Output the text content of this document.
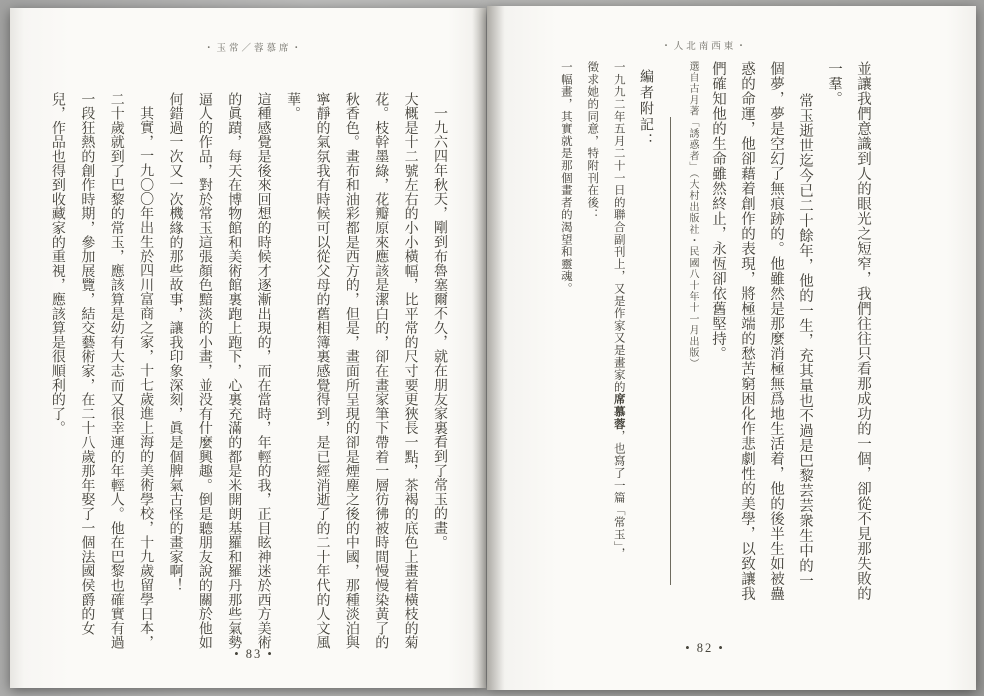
・玉常／蓉慕席・

一九六四年秋天，剛到布魯塞爾不久，就在朋友家裏看到了常玉的畫。

大概是十二號左右的小小橫幅，比平常的尺寸要更狹長一點，茶褐的底色上畫着橫枝的菊花。枝幹墨綠，花瓣原來應該是潔白的，卻在畫家筆下帶着一層彷彿被時間慢慢染黃了的秋香色。畫布和油彩都是西方的，但是，畫面所呈現的卻是煙塵之後的中國，那種淡泊與寧靜的氣氛我有時候可以從父母的舊相簿裏感覺得到，是已經消逝了的二十年代的人文風華。

這種感覺是後來回想的時候才逐漸出現的，而在當時，年輕的我，正目眩神迷於西方美術的眞蹟，每天在博物館和美術館裏跑上跑下，心裏充滿的都是米開朗基羅和羅丹那些氣勢逼人的作品，對於常玉這張顏色黯淡的小畫，並没有什麼興趣。倒是聽朋友說的關於他如何錯過一次又一次機緣的那些故事，讓我印象深刻，眞是個脾氣古怪的畫家啊！

其實，一九〇〇年出生於四川富商之家，十七歲進上海的美術學校，十九歲留學日本，二十歲就到了巴黎的常玉，應該算是幼有大志而又很幸運的年輕人。他在巴黎也確實有過一段狂熱的創作時期，參加展覽，結交藝術家，在二十八歲那年娶了一個法國侯爵的女兒，作品也得到收藏家的重視，應該算是很順利的了。

• 83 •
・人北南西東・

並讓我們意識到人的眼光之短窄，我們往往只看那成功的一個，卻從不見那失敗的一羣。

常玉逝世迄今已二十餘年，他的一生，充其量也不過是巴黎芸芸衆生中的一個夢，夢是空幻了無痕跡的。他雖然是那麼消極無爲地生活着，他的後半生如被蠱惑的命運，他卻藉着創作的表現，將極端的愁苦窮困化作悲劇性的美學，以致讓我們確知他的生命雖然終止，永恆卻依舊堅持。

選自古月著「誘惑者」（大村出版社・民國八十年十一月出版）

編者附記：

一九九二年五月二十一日的聯合副刊上，又是作家又是畫家的席慕蓉，也寫了一篇「常玉」，

徵求她的同意，特附刊在後：

一幅畫，其實就是那個畫者的渴望和靈魂。

• 82 •
